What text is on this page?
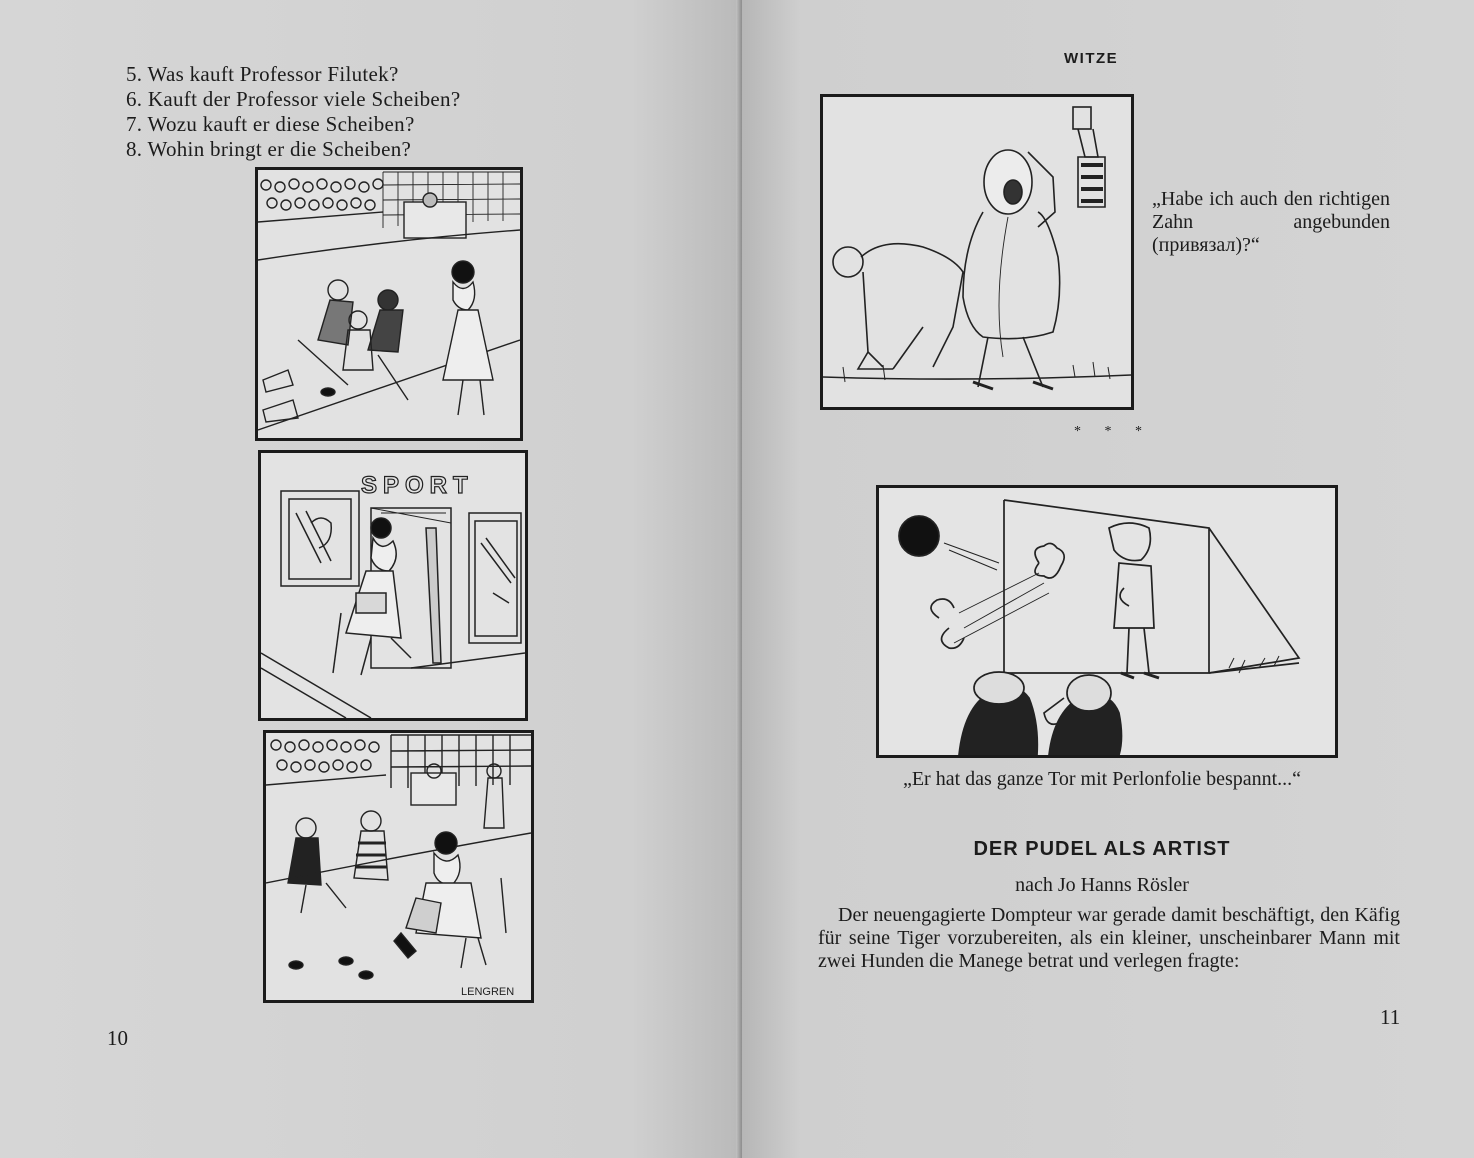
5. Was kauft Professor Filutek?
6. Kauft der Professor viele Scheiben?
7. Wozu kauft er diese Scheiben?
8. Wohin bringt er die Scheiben?
SPORT
LENGREN
10
WITZE
„Habe ich auch den richtigen Zahn angebunden (привязал)?“
* * *
„Er hat das ganze Tor mit Perlonfolie bespannt...“
DER PUDEL ALS ARTIST
nach Jo Hanns Rösler
Der neuengagierte Dompteur war gerade damit beschäftigt, den Käfig für seine Tiger vorzubereiten, als ein kleiner, unscheinbarer Mann mit zwei Hunden die Manege betrat und verlegen fragte:
11
